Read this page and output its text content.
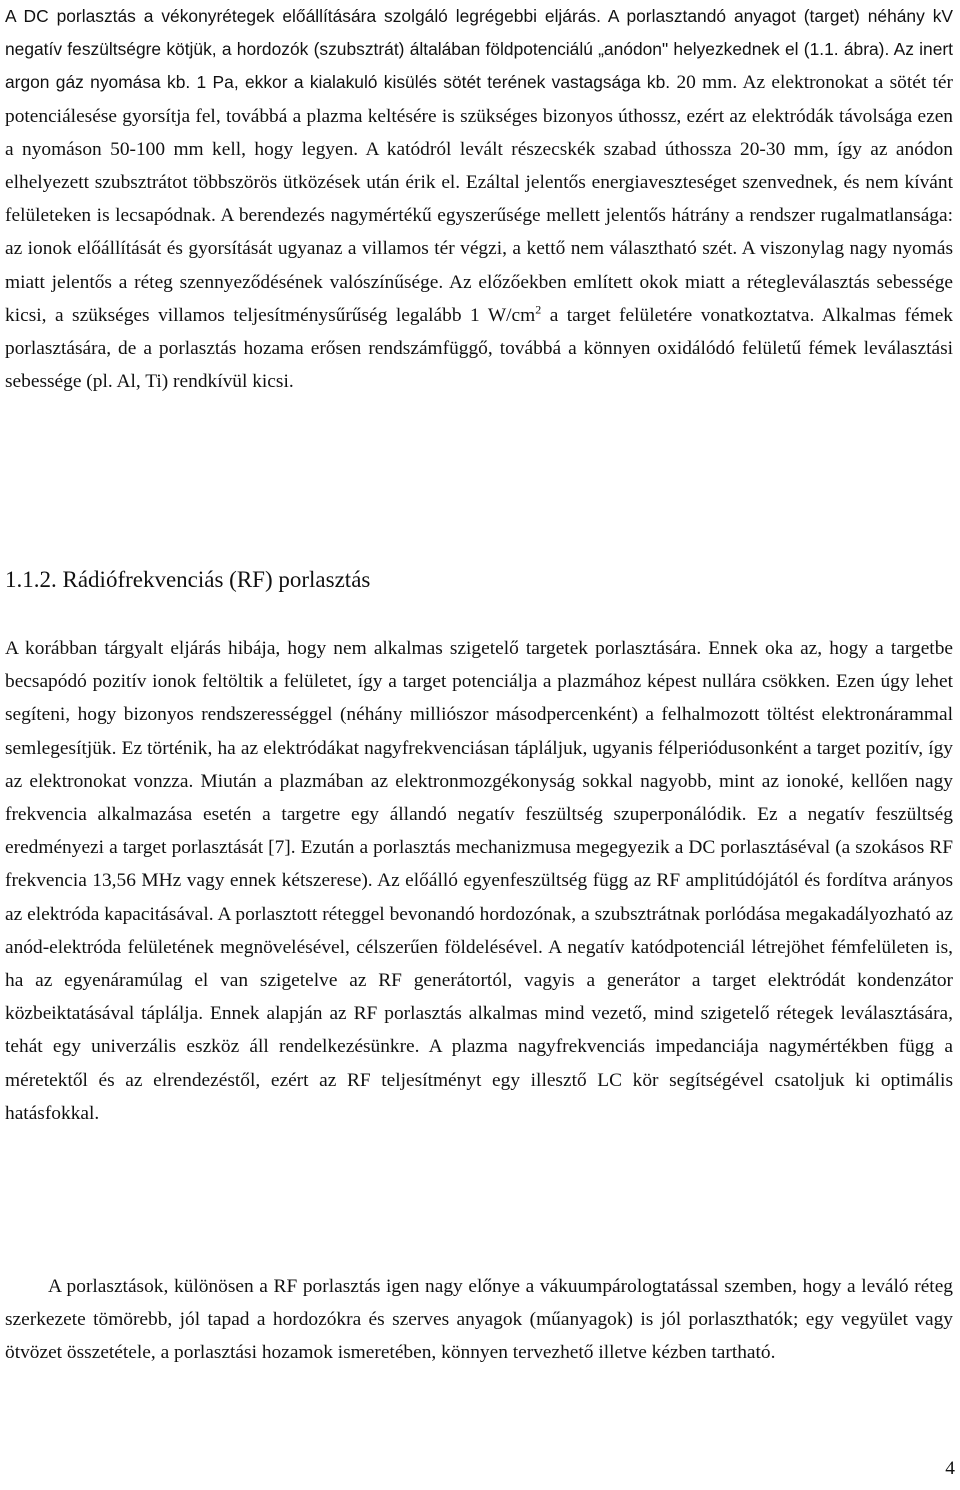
A DC porlasztás a vékonyrétegek előállítására szolgáló legrégebbi eljárás. A porlasztandó anyagot (target) néhány kV negatív feszültségre kötjük, a hordozók (szubsztrát) általában földpotenciálú „anódon" helyezkednek el (1.1. ábra). Az inert argon gáz nyomása kb. 1 Pa, ekkor a kialakuló kisülés sötét terének vastagsága kb. 20 mm. Az elektronokat a sötét tér potenciálesése gyorsítja fel, továbbá a plazma keltésére is szükséges bizonyos úthossz, ezért az elektródák távolsága ezen a nyomáson 50-100 mm kell, hogy legyen. A katódról levált részecskék szabad úthossza 20-30 mm, így az anódon elhelyezett szubsztrátot többszörös ütközések után érik el. Ezáltal jelentős energiaveszteséget szenvednek, és nem kívánt felületeken is lecsapódnak. A berendezés nagymértékű egyszerűsége mellett jelentős hátrány a rendszer rugalmatlansága: az ionok előállítását és gyorsítását ugyanaz a villamos tér végzi, a kettő nem választható szét. A viszonylag nagy nyomás miatt jelentős a réteg szennyeződésének valószínűsége. Az előzőekben említett okok miatt a rétegleválasztás sebessége kicsi, a szükséges villamos teljesítménysűrűség legalább 1 $W/cm^2$ a target felületére vonatkoztatva. Alkalmas fémek porlasztására, de a porlasztás hozama erősen rendszámfüggő, továbbá a könnyen oxidálódó felületű fémek leválasztási sebessége (pl. Al, Ti) rendkívül kicsi.

1.1.2. Rádiófrekvenciás (RF) porlasztás

A korábban tárgyalt eljárás hibája, hogy nem alkalmas szigetelő targetek porlasztására. Ennek oka az, hogy a targetbe becsapódó pozitív ionok feltöltik a felületet, így a target potenciálja a plazmához képest nullára csökken. Ezen úgy lehet segíteni, hogy bizonyos rendszerességgel (néhány milliószor másodpercenként) a felhalmozott töltést elektronárammal semlegesítjük. Ez történik, ha az elektródákat nagyfrekvenciásan tápláljuk, ugyanis félperiódusonként a target pozitív, így az elektronokat vonzza. Miután a plazmában az elektronmozgékonyság sokkal nagyobb, mint az ionoké, kellően nagy frekvencia alkalmazása esetén a targetre egy állandó negatív feszültség szuperponálódik. Ez a negatív feszültség eredményezi a target porlasztását [7]. Ezután a porlasztás mechanizmusa megegyezik a DC porlasztáséval (a szokásos RF frekvencia 13,56 MHz vagy ennek kétszerese). Az előálló egyenfeszültség függ az RF amplitúdójától és fordítva arányos az elektróda kapacitásával. A porlasztott réteggel bevonandó hordozónak, a szubsztrátnak porlódása megakadályozható az anód-elektróda felületének megnövelésével, célszerűen földelésével. A negatív katódpotenciál létrejöhet fémfelületen is, ha az egyenáramúlag el van szigetelve az RF generátortól, vagyis a generátor a target elektródát kondenzátor közbeiktatásával táplálja. Ennek alapján az RF porlasztás alkalmas mind vezető, mind szigetelő rétegek leválasztására, tehát egy univerzális eszköz áll rendelkezésünkre. A plazma nagyfrekvenciás impedanciája nagymértékben függ a méretektől és az elrendezéstől, ezért az RF teljesítményt egy illesztő LC kör segítségével csatoljuk ki optimális hatásfokkal.

A porlasztások, különösen a RF porlasztás igen nagy előnye a vákuumpárologtatással szemben, hogy a leváló réteg szerkezete tömörebb, jól tapad a hordozókra és szerves anyagok (műanyagok) is jól porlaszthatók; egy vegyület vagy ötvözet összetétele, a porlasztási hozamok ismeretében, könnyen tervezhető illetve kézben tartható.

4
